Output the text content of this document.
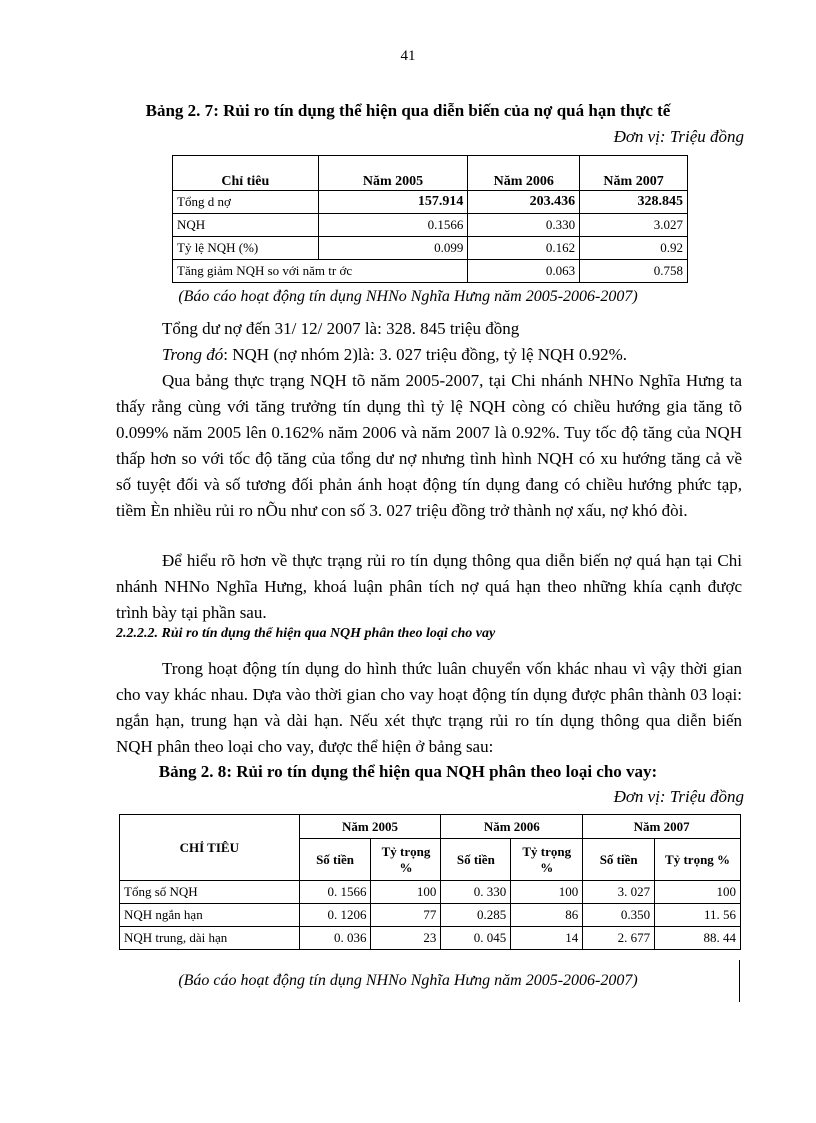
41
Bảng 2. 7: Rủi ro tín dụng thể hiện qua diễn biến của nợ quá hạn thực tế
Đơn vị: Triệu đồng
Chỉ tiêu	Năm 2005	Năm 2006	Năm 2007
Tổng d nợ	157.914	203.436	328.845
NQH	0.1566	0.330	3.027
Tỷ lệ NQH (%)	0.099	0.162	0.92
Tăng giảm NQH so với năm tr ớc		0.063	0.758
(Báo cáo hoạt động tín dụng NHNo Nghĩa Hưng năm 2005-2006-2007)
Tổng dư nợ đến 31/ 12/ 2007 là: 328. 845 triệu đồng
Trong đó: NQH (nợ nhóm 2)là: 3. 027 triệu đồng, tỷ lệ NQH 0.92%.
Qua bảng thực trạng NQH tõ năm 2005-2007, tại Chi nhánh NHNo Nghĩa Hưng ta thấy rằng cùng với tăng trưởng tín dụng thì tỷ lệ NQH còng có chiều hướng gia tăng tõ 0.099% năm 2005 lên 0.162% năm 2006 và năm 2007 là 0.92%. Tuy tốc độ tăng của NQH thấp hơn so với tốc độ tăng của tổng dư nợ nhưng tình hình NQH có xu hướng tăng cả về số tuyệt đối và số tương đối phản ánh hoạt động tín dụng đang có chiều hướng phức tạp, tiềm Èn nhiều rủi ro nÕu như con số 3. 027 triệu đồng trở thành nợ xấu, nợ khó đòi.
Để hiểu rõ hơn về thực trạng rủi ro tín dụng thông qua diễn biến nợ quá hạn tại Chi nhánh NHNo Nghĩa Hưng, khoá luận phân tích nợ quá hạn theo những khía cạnh được trình bày tại phần sau.
2.2.2.2. Rủi ro tín dụng thể hiện qua NQH phân theo loại cho vay
Trong hoạt động tín dụng do hình thức luân chuyển vốn khác nhau vì vậy thời gian cho vay khác nhau. Dựa vào thời gian cho vay hoạt động tín dụng được phân thành 03 loại: ngắn hạn, trung hạn và dài hạn. Nếu xét thực trạng rủi ro tín dụng thông qua diễn biến NQH phân theo loại cho vay, được thể hiện ở bảng sau:
Bảng 2. 8: Rủi ro tín dụng thể hiện qua NQH phân theo loại cho vay:
Đơn vị: Triệu đồng
CHỈ TIÊU	Năm 2005		Năm 2006		Năm 2007	
	Số tiền	Tỷ trọng %	Số tiền	Tỷ trọng %	Số tiền	Tỷ trọng %
Tổng số NQH	0. 1566	100	0. 330	100	3. 027	100
NQH ngắn hạn	0. 1206	77	0.285	86	0.350	11. 56
NQH trung, dài hạn	0. 036	23	0. 045	14	2. 677	88. 44
(Báo cáo hoạt động tín dụng NHNo Nghĩa Hưng năm 2005-2006-2007)
